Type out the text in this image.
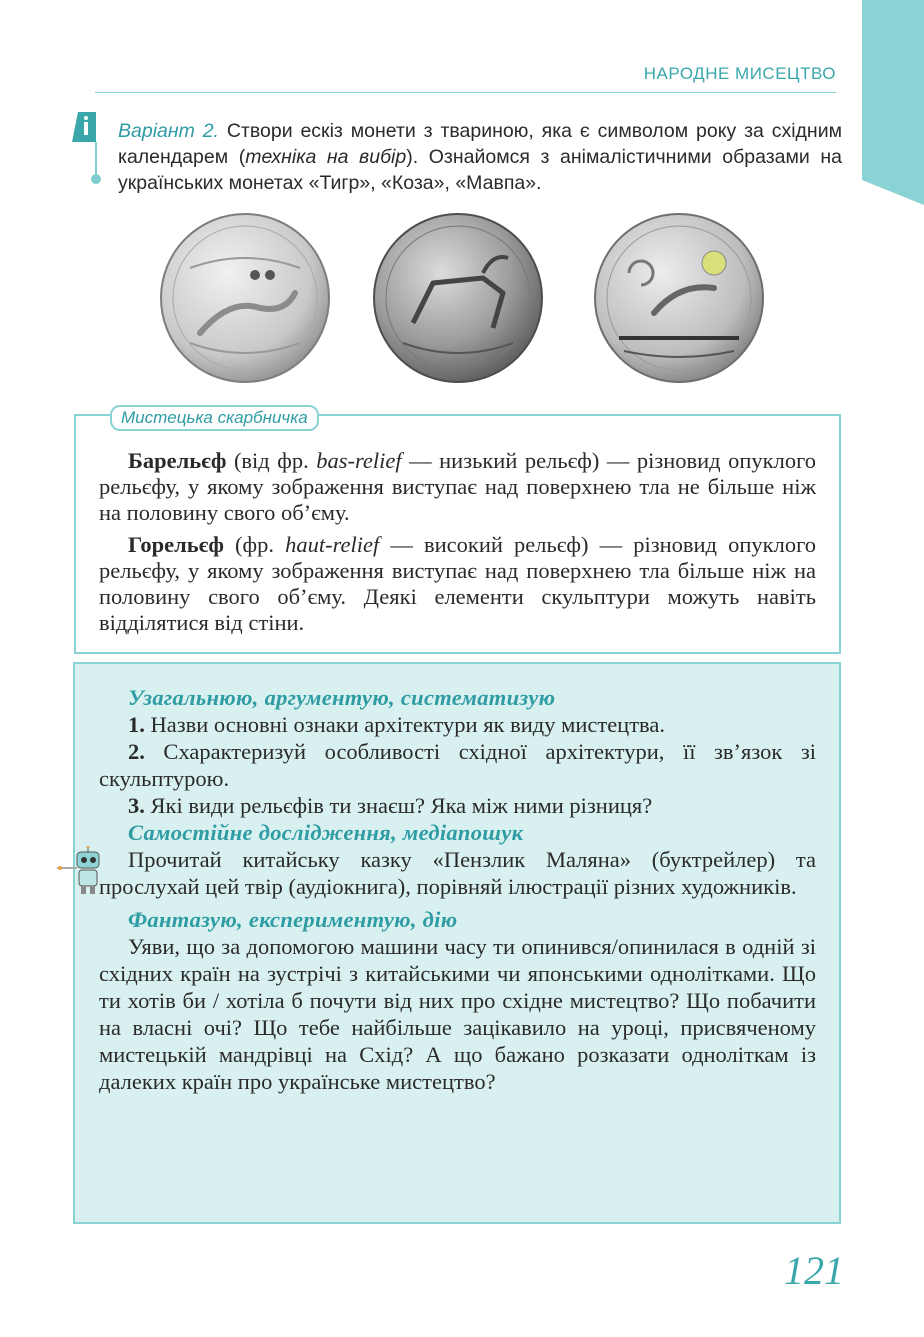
НАРОДНЕ МИСЕЦТВО
Варіант 2. Створи ескіз монети з твариною, яка є символом року за східним календарем (техніка на вибір). Ознайомся з анімалістичними образами на українських монетах «Тигр», «Коза», «Мавпа».
Мистецька скарбничка

Барельєф (від фр. bas-relief — низький рельєф) — різновид опуклого рельєфу, у якому зображення виступає над поверхнею тла не більше ніж на половину свого об’єму.

Горельєф (фр. haut-relief — високий рельєф) — різновид опуклого рельєфу, у якому зображення виступає над поверхнею тла більше ніж на половину свого об’єму. Деякі елементи скульптури можуть навіть відділятися від стіни.

Узагальнюю, аргументую, систематизую
1. Назви основні ознаки архітектури як виду мистецтва.
2. Схарактеризуй особливості східної архітектури, її зв’язок зі скульптурою.
3. Які види рельєфів ти знаєш? Яка між ними різниця?
Самостійне дослідження, медіапошук
Прочитай китайську казку «Пензлик Маляна» (буктрейлер) та прослухай цей твір (аудіокнига), порівняй ілюстрації різних художників.
Фантазую, експериментую, дію
Уяви, що за допомогою машини часу ти опинився/опинилася в одній зі східних країн на зустрічі з китайськими чи японськими однолітками. Що ти хотів би / хотіла б почути від них про східне мистецтво? Що побачити на власні очі? Що тебе найбільше зацікавило на уроці, присвяченому мистецькій мандрівці на Схід? А що бажано розказати одноліткам із далеких країн про українське мистецтво?
121
